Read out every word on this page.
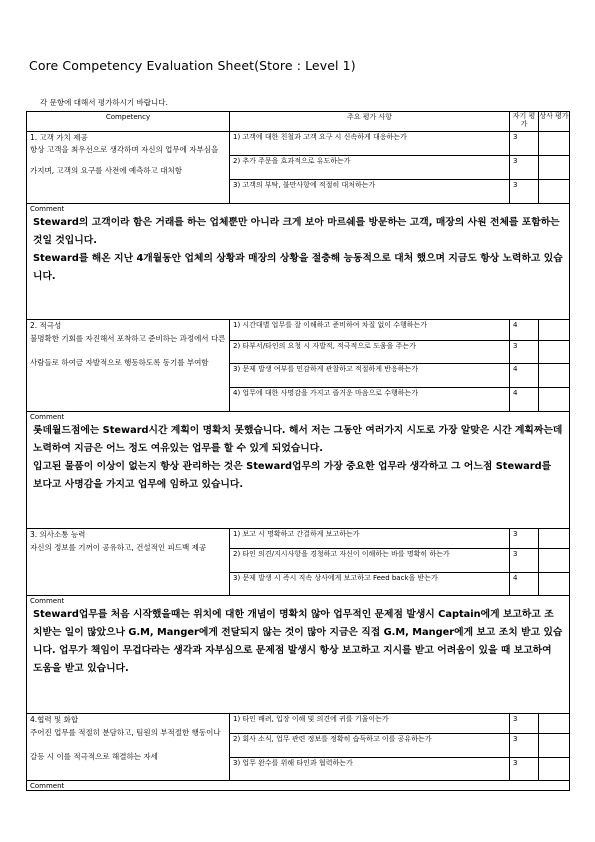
Core Competency Evaluation Sheet(Store : Level 1)
각 문항에 대해서 평가하시기 바랍니다.
Competency	주요 평가 사항	자기 평가	상사 평가

1. 고객 가치 제공
항상 고객을 최우선으로 생각하며 자신의 업무에 자부심을 가지며, 고객의 요구를 사전에 예측하고 대처함	1) 고객에 대한 친철과 고객 요구 시 신속하게 대응하는가	3	
	2) 추가 주문을 효과적으로 유도하는가	3	
	3) 고객의 부탁, 불만사항에 적절히 대처하는가	3	

Comment
Steward의 고객이라 함은 거래를 하는 업체뿐만 아니라 크게 보아 마르쉐를 방문하는 고객, 매장의 사원 전체를 포함하는 것일 것입니다.
Steward를 해온 지난 4개월동안 업체의 상황과 매장의 상황을 절충해 능동적으로 대처 했으며 지금도 항상 노력하고 있습니다.			

2. 적극성
불명확한 기회를 자진해서 포착하고 준비하는 과정에서 다른 사람들로 하여금 자발적으로 행동하도록 동기를 부여함	1) 시간대별 업무를 잘 이해하고 준비하여 차질 없이 수행하는가	4	
	2) 타부서/타인의 요청 시 자발적, 적극적으로 도움을 주는가	3	
	3) 문제 발생 여부를 민감하게 관찰하고 적절하게 반응하는가	4	
	4) 업무에 대한 사명감을 가지고 즐거운 마음으로 수행하는가	4	

Comment
롯데월드점에는 Steward시간 계획이 명확치 못했습니다. 해서 저는 그동안 여러가지 시도로 가장 알맞은 시간 계획짜는데 노력하여 지금은 어느 정도 여유있는 업무를 할 수 있게 되었습니다.
입고된 물품이 이상이 없는지 항상 관리하는 것은 Steward업무의 가장 중요한 업무라 생각하고 그 어느점 Steward를 보다고 사명감을 가지고 업무에 임하고 있습니다.			

3. 의사소통 능력
자신의 정보를 기꺼이 공유하고, 건설적인 피드백 제공	1) 보고 시 명확하고 간결하게 보고하는가	3	
	2) 타인 의견/지시사항을 경청하고 자신이 이해하는 바를 명확히 하는가	3	
	3) 문제 발생 시 즉시 직속 상사에게 보고하고 Feed back을 받는가	4	

Comment
Steward업무를 처음 시작했을때는 위치에 대한 개념이 명확치 않아 업무적인 문제점 발생시 Captain에게 보고하고 조치받는 일이 많았으나 G.M, Manger에게 전달되지 않는 것이 많아 지금은 직접 G.M, Manger에게 보고 조치 받고 있습니다. 업무가 책임이 무겁다라는 생각과 자부심으로 문제점 발생시 항상 보고하고 지시를 받고 어려움이 있을 때 보고하여 도움을 받고 있습니다.			

4.협력 및 화합
주어진 업무를 적절히 분담하고, 팀원의 부적절한 행동이나 갈등 시 이를 적극적으로 해결하는 자세	1) 타인 배려, 입장 이해 및 의견에 귀를 기울이는가	3	
	2) 회사 소식, 업무 관련 정보를 정확히 습득하고 이를 공유하는가	3	
	3) 업무 완수를 위해 타인과 협력하는가	3	

Comment			
